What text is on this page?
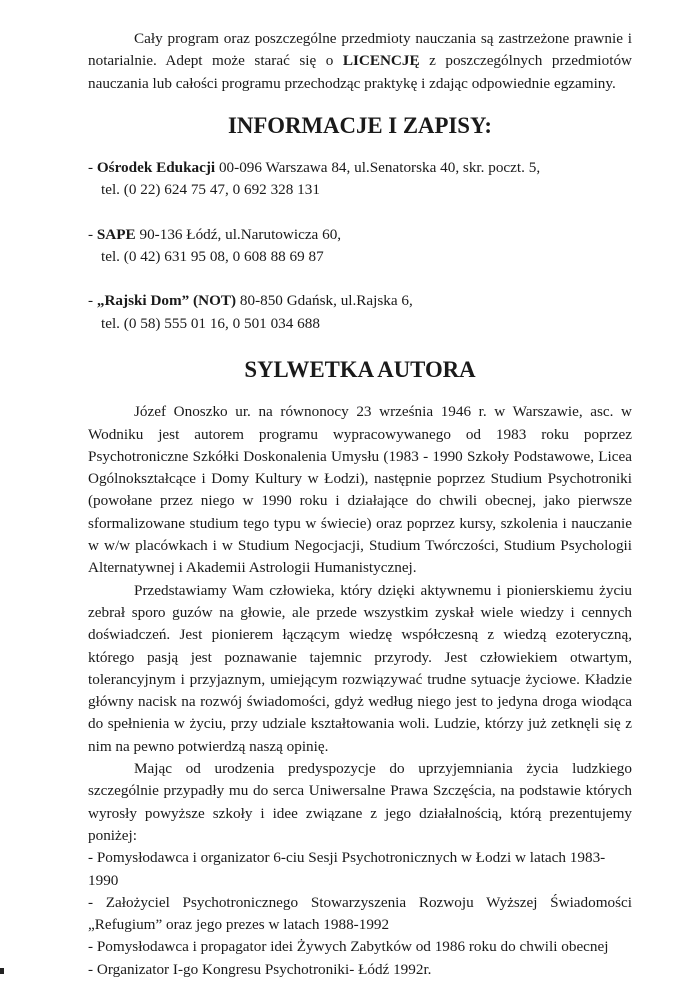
Cały program oraz poszczególne przedmioty nauczania są zastrzeżone prawnie i notarialnie. Adept może starać się o LICENCJĘ z poszczególnych przedmiotów nauczania lub całości programu przechodząc praktykę i zdając odpowiednie egzaminy.

INFORMACJE I ZAPISY:
- Ośrodek Edukacji 00-096 Warszawa 84, ul.Senatorska 40, skr. poczt. 5,
tel. (0 22) 624 75 47, 0 692 328 131
- SAPE 90-136 Łódź, ul.Narutowicza 60,
tel. (0 42) 631 95 08, 0 608 88 69 87
- „Rajski Dom” (NOT) 80-850 Gdańsk, ul.Rajska 6,
tel. (0 58) 555 01 16, 0 501 034 688
SYLWETKA AUTORA

Józef Onoszko ur. na równonocy 23 września 1946 r. w Warszawie, asc. w Wodniku jest autorem programu wypracowywanego od 1983 roku poprzez Psychotroniczne Szkółki Doskonalenia Umysłu (1983 - 1990 Szkoły Podstawowe, Licea Ogólnokształcące i Domy Kultury w Łodzi), następnie poprzez Studium Psychotroniki (powołane przez niego w 1990 roku i działające do chwili obecnej, jako pierwsze sformalizowane studium tego typu w świecie) oraz poprzez kursy, szkolenia i nauczanie w w/w placówkach i w Studium Negocjacji, Studium Twórczości, Studium Psychologii Alternatywnej i Akademii Astrologii Humanistycznej.

Przedstawiamy Wam człowieka, który dzięki aktywnemu i pionierskiemu życiu zebrał sporo guzów na głowie, ale przede wszystkim zyskał wiele wiedzy i cennych doświadczeń. Jest pionierem łączącym wiedzę współczesną z wiedzą ezoteryczną, którego pasją jest poznawanie tajemnic przyrody. Jest człowiekiem otwartym, tolerancyjnym i przyjaznym, umiejącym rozwiązywać trudne sytuacje życiowe. Kładzie główny nacisk na rozwój świadomości, gdyż według niego jest to jedyna droga wiodąca do spełnienia w życiu, przy udziale kształtowania woli. Ludzie, którzy już zetknęli się z nim na pewno potwierdzą naszą opinię.

Mając od urodzenia predyspozycje do uprzyjemniania życia ludzkiego szczególnie przypadły mu do serca Uniwersalne Prawa Szczęścia, na podstawie których wyrosły powyższe szkoły i idee związane z jego działalnością, którą prezentujemy poniżej:

- Pomysłodawca i organizator 6-ciu Sesji Psychotronicznych w Łodzi w latach 1983-1990

- Założyciel Psychotronicznego Stowarzyszenia Rozwoju Wyższej Świadomości „Refugium” oraz jego prezes w latach 1988-1992

- Pomysłodawca i propagator idei Żywych Zabytków od 1986 roku do chwili obecnej

- Organizator I-go Kongresu Psychotroniki- Łódź 1992r.
